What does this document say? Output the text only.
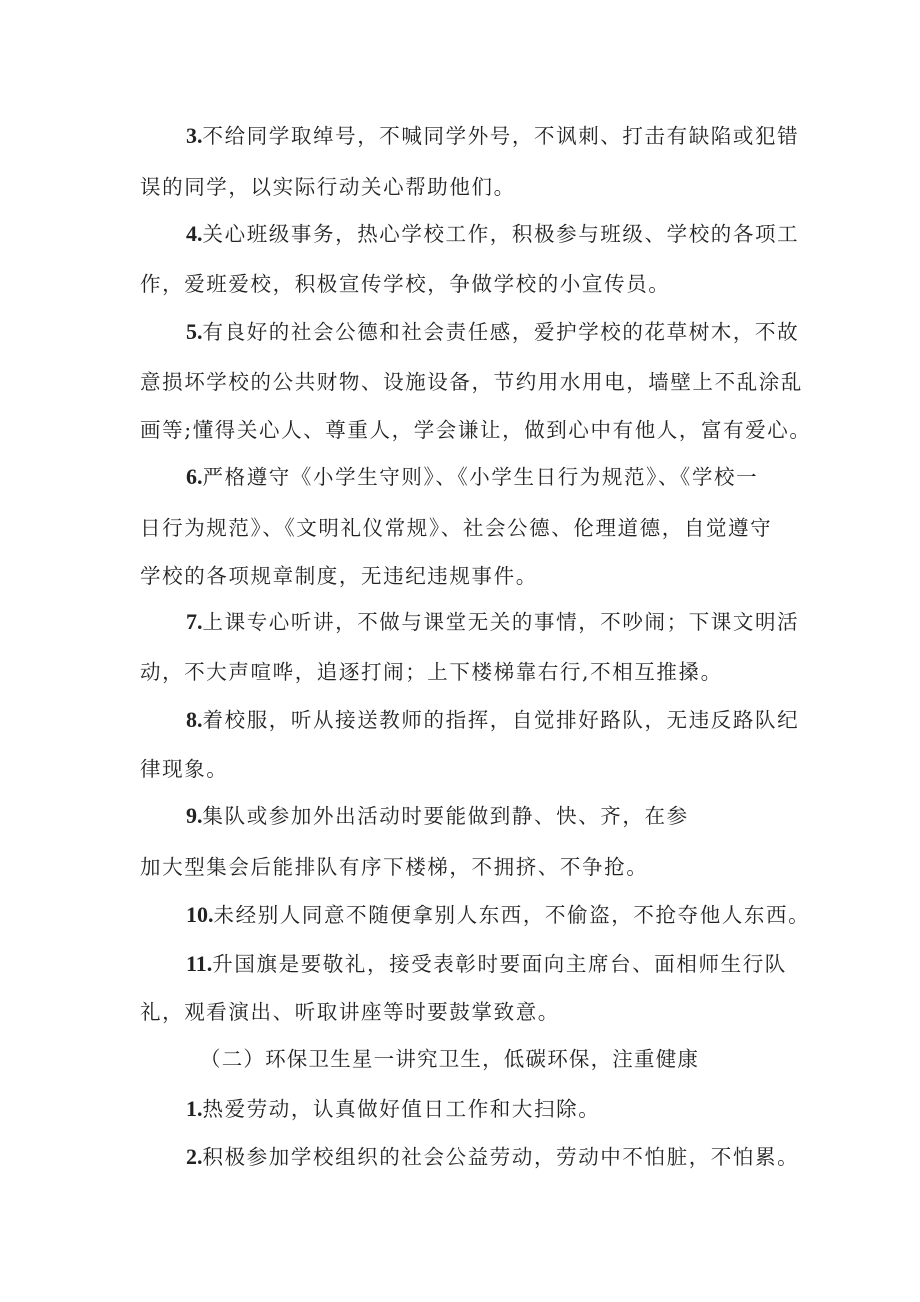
3.不给同学取绰号，不喊同学外号，不讽刺、打击有缺陷或犯错
误的同学，以实际行动关心帮助他们。
4.关心班级事务，热心学校工作，积极参与班级、学校的各项工
作，爱班爱校，积极宣传学校，争做学校的小宣传员。
5.有良好的社会公德和社会责任感，爱护学校的花草树木，不故
意损坏学校的公共财物、设施设备，节约用水用电，墙壁上不乱涂乱
画等;懂得关心人、尊重人，学会谦让，做到心中有他人，富有爱心。
6.严格遵守《小学生守则》、《小学生日行为规范》、《学校一
日行为规范》、《文明礼仪常规》、社会公德、伦理道德，自觉遵守
学校的各项规章制度，无违纪违规事件。
7.上课专心听讲，不做与课堂无关的事情，不吵闹；下课文明活
动，不大声喧哗，追逐打闹；上下楼梯靠右行,不相互推搡。
8.着校服，听从接送教师的指挥，自觉排好路队，无违反路队纪
律现象。
9.集队或参加外出活动时要能做到静、快、齐，在参
加大型集会后能排队有序下楼梯，不拥挤、不争抢。
10.未经别人同意不随便拿别人东西，不偷盗，不抢夺他人东西。
11.升国旗是要敬礼，接受表彰时要面向主席台、面相师生行队
礼，观看演出、听取讲座等时要鼓掌致意。
（二）环保卫生星一讲究卫生，低碳环保，注重健康
1.热爱劳动，认真做好值日工作和大扫除。
2.积极参加学校组织的社会公益劳动，劳动中不怕脏，不怕累。
